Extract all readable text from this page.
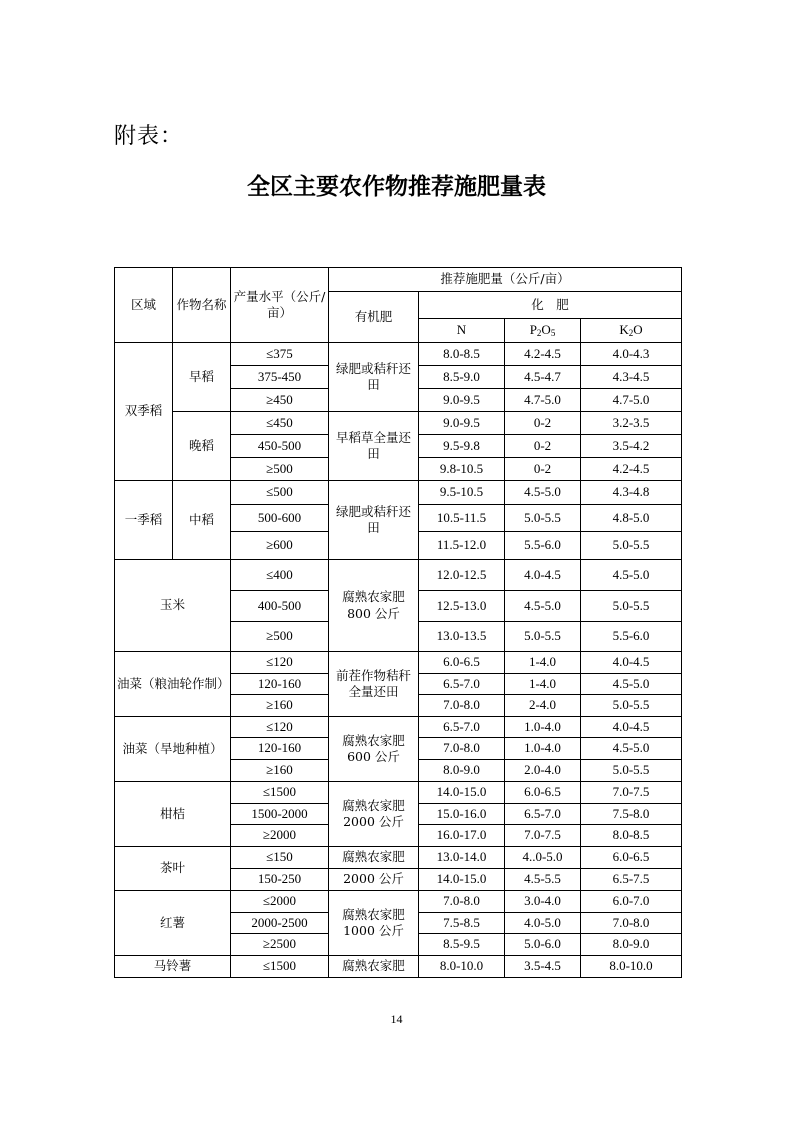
附表：
全区主要农作物推荐施肥量表
区域	作物名称	产量水平（公斤/亩）	推荐施肥量（公斤/亩）			
			有机肥	化　肥		
				N	$P_2O_5$	$K_2O$
双季稻	早稻	≤375	绿肥或秸秆还田	8.0-8.5	4.2-4.5	4.0-4.3
		375-450		8.5-9.0	4.5-4.7	4.3-4.5
		≥450		9.0-9.5	4.7-5.0	4.7-5.0
	晚稻	≤450	早稻草全量还田	9.0-9.5	0-2	3.2-3.5
		450-500		9.5-9.8	0-2	3.5-4.2
		≥500		9.8-10.5	0-2	4.2-4.5
一季稻	中稻	≤500	绿肥或秸秆还田	9.5-10.5	4.5-5.0	4.3-4.8
		500-600		10.5-11.5	5.0-5.5	4.8-5.0
		≥600		11.5-12.0	5.5-6.0	5.0-5.5
玉米		≤400	腐熟农家肥800 公斤	12.0-12.5	4.0-4.5	4.5-5.0
		400-500		12.5-13.0	4.5-5.0	5.0-5.5
		≥500		13.0-13.5	5.0-5.5	5.5-6.0
油菜（粮油轮作制）		≤120	前茬作物秸秆全量还田	6.0-6.5	1-4.0	4.0-4.5
		120-160		6.5-7.0	1-4.0	4.5-5.0
		≥160		7.0-8.0	2-4.0	5.0-5.5
油菜（旱地种植）		≤120	腐熟农家肥600 公斤	6.5-7.0	1.0-4.0	4.0-4.5
		120-160		7.0-8.0	1.0-4.0	4.5-5.0
		≥160		8.0-9.0	2.0-4.0	5.0-5.5
柑桔		≤1500	腐熟农家肥2000 公斤	14.0-15.0	6.0-6.5	7.0-7.5
		1500-2000		15.0-16.0	6.5-7.0	7.5-8.0
		≥2000		16.0-17.0	7.0-7.5	8.0-8.5
茶叶		≤150	腐熟农家肥	13.0-14.0	4..0-5.0	6.0-6.5
		150-250	2000 公斤	14.0-15.0	4.5-5.5	6.5-7.5
红薯		≤2000	腐熟农家肥1000 公斤	7.0-8.0	3.0-4.0	6.0-7.0
		2000-2500		7.5-8.5	4.0-5.0	7.0-8.0
		≥2500		8.5-9.5	5.0-6.0	8.0-9.0
马铃薯		≤1500	腐熟农家肥	8.0-10.0	3.5-4.5	8.0-10.0
14
